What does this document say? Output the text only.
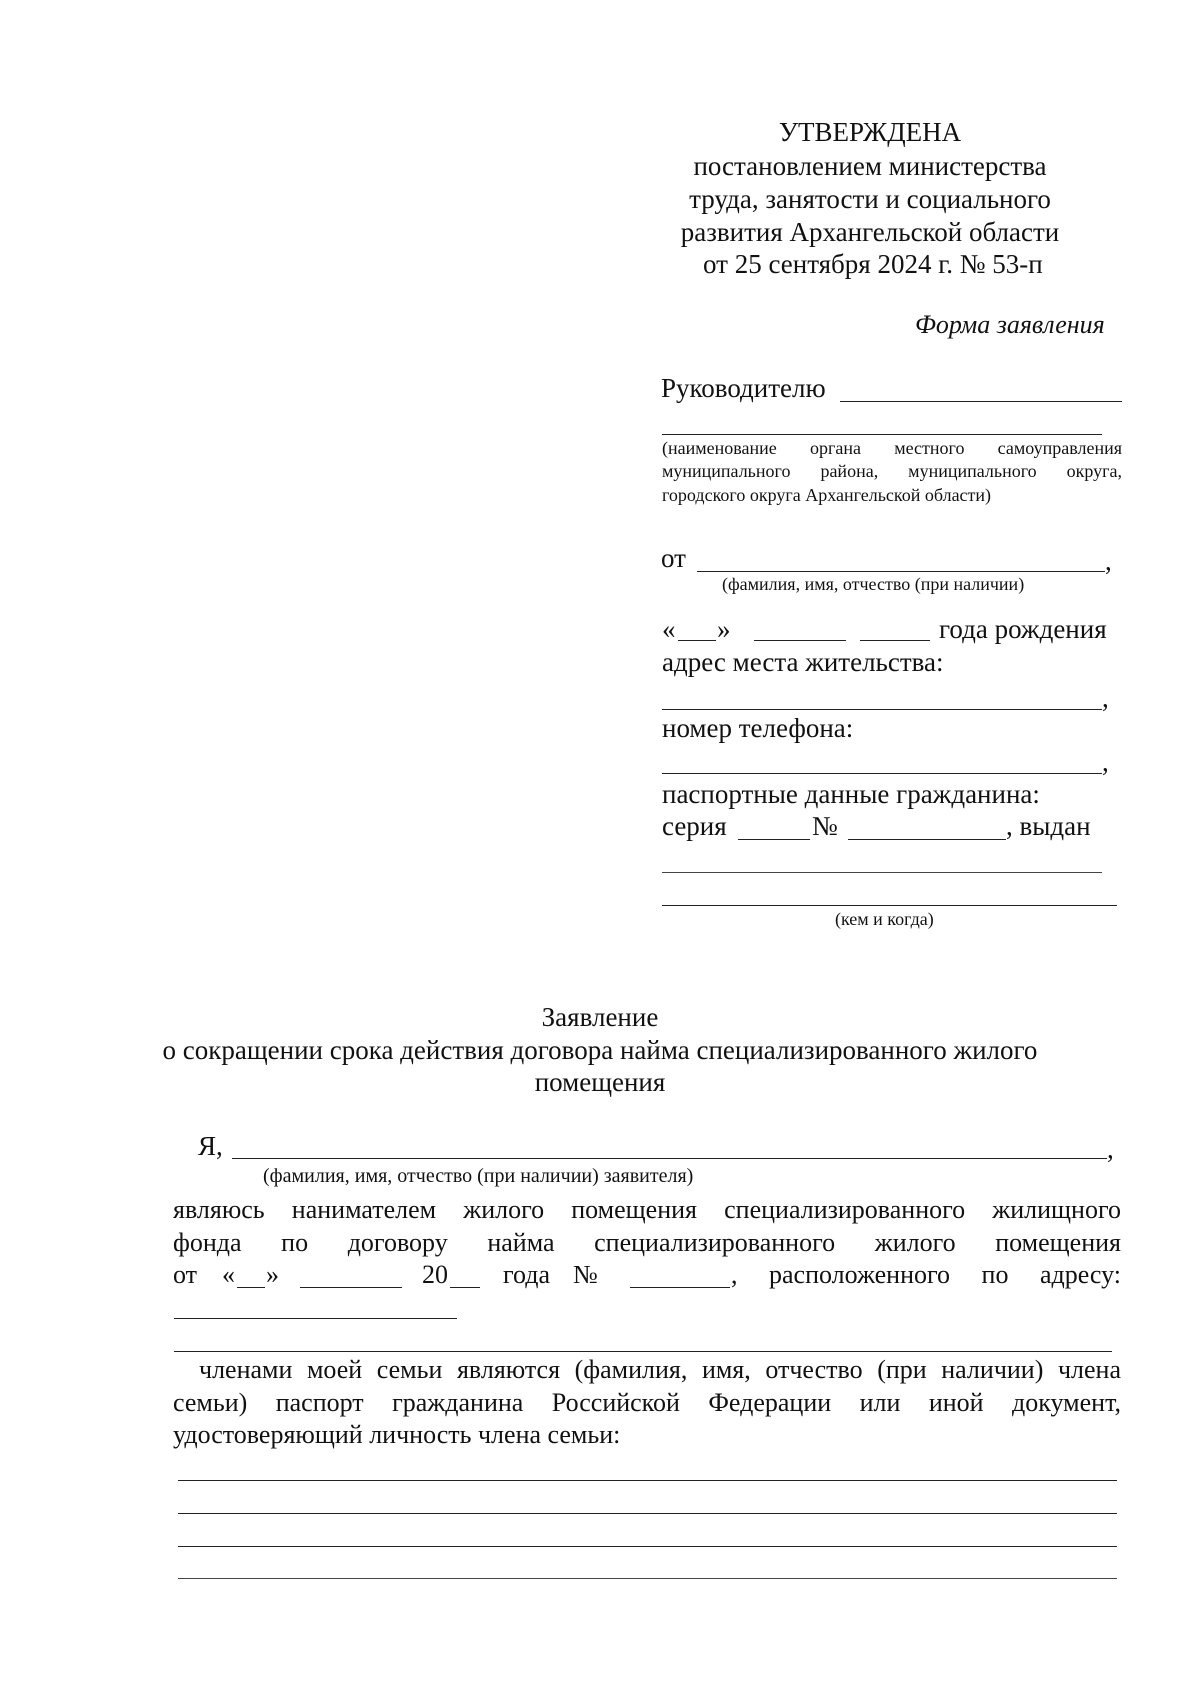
УТВЕРЖДЕНА
постановлением министерства
труда, занятости и социального
развития Архангельской области
от 25 сентября 2024 г. № 53-п
Форма заявления
Руководителю
(наименование органа местного самоуправления
муниципального района, муниципального округа,
городского округа Архангельской области)
от	,
(фамилия, имя, отчество (при наличии)
« »	года рождения
адрес места жительства:
,
номер телефона:
,
паспортные данные гражданина:
серия	№	, выдан
(кем и когда)
Заявление
о сокращении срока действия договора найма специализированного жилого
помещения
Я,	,
(фамилия, имя, отчество (при наличии) заявителя)
являюсь нанимателем жилого помещения специализированного жилищного
фонда по договору найма специализированного жилого помещения
от « »	20 года №	, расположенного по адресу:
членами моей семьи являются (фамилия, имя, отчество (при наличии) члена
семьи) паспорт гражданина Российской Федерации или иной документ,
удостоверяющий личность члена семьи:
